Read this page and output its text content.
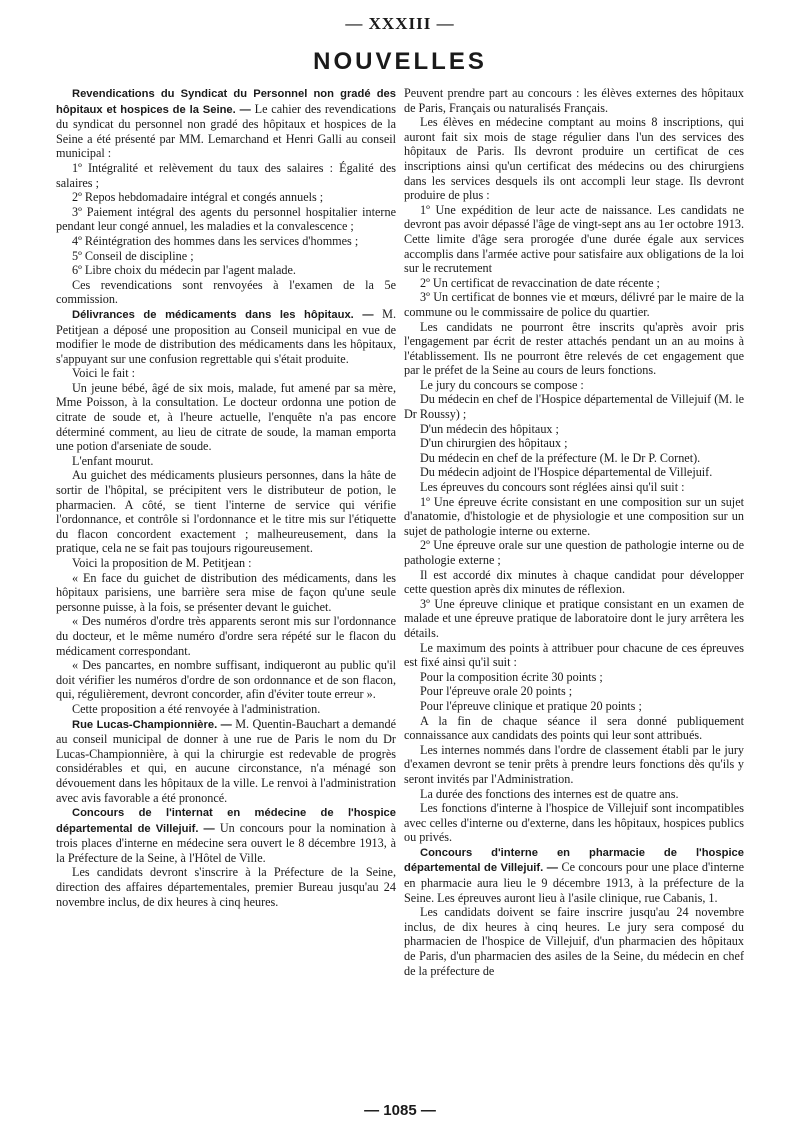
— XXXIII —
NOUVELLES

Revendications du Syndicat du Personnel non gradé des hôpitaux et hospices de la Seine. — Le cahier des revendications du syndicat du personnel non gradé des hôpitaux et hospices de la Seine a été présenté par MM. Lemarchand et Henri Galli au conseil municipal :

1º Intégralité et relèvement du taux des salaires : Égalité des salaires ;

2º Repos hebdomadaire intégral et congés annuels ;

3º Paiement intégral des agents du personnel hospitalier interne pendant leur congé annuel, les maladies et la convalescence ;

4º Réintégration des hommes dans les services d'hommes ;

5º Conseil de discipline ;

6º Libre choix du médecin par l'agent malade.

Ces revendications sont renvoyées à l'examen de la 5e commission.

Délivrances de médicaments dans les hôpitaux. — M. Petitjean a déposé une proposition au Conseil municipal en vue de modifier le mode de distribution des médicaments dans les hôpitaux, s'appuyant sur une confusion regrettable qui s'était produite.

Voici le fait :

Un jeune bébé, âgé de six mois, malade, fut amené par sa mère, Mme Poisson, à la consultation. Le docteur ordonna une potion de citrate de soude et, à l'heure actuelle, l'enquête n'a pas encore déterminé comment, au lieu de citrate de soude, la maman emporta une potion d'arseniate de soude.

L'enfant mourut.

Au guichet des médicaments plusieurs personnes, dans la hâte de sortir de l'hôpital, se précipitent vers le distributeur de potion, le pharmacien. A côté, se tient l'interne de service qui vérifie l'ordonnance, et contrôle si l'ordonnance et le titre mis sur l'étiquette du flacon concordent exactement ; malheureusement, dans la pratique, cela ne se fait pas toujours rigoureusement.

Voici la proposition de M. Petitjean :

« En face du guichet de distribution des médicaments, dans les hôpitaux parisiens, une barrière sera mise de façon qu'une seule personne puisse, à la fois, se présenter devant le guichet.

« Des numéros d'ordre très apparents seront mis sur l'ordonnance du docteur, et le même numéro d'ordre sera répété sur le flacon du médicament correspondant.

« Des pancartes, en nombre suffisant, indiqueront au public qu'il doit vérifier les numéros d'ordre de son ordonnance et de son flacon, qui, régulièrement, devront concorder, afin d'éviter toute erreur ».

Cette proposition a été renvoyée à l'administration.

Rue Lucas-Championnière. — M. Quentin-Bauchart a demandé au conseil municipal de donner à une rue de Paris le nom du Dr Lucas-Championnière, à qui la chirurgie est redevable de progrès considérables et qui, en aucune circonstance, n'a ménagé son dévouement dans les hôpitaux de la ville. Le renvoi à l'administration avec avis favorable a été prononcé.

Concours de l'internat en médecine de l'hospice départemental de Villejuif. — Un concours pour la nomination à trois places d'interne en médecine sera ouvert le 8 décembre 1913, à la Préfecture de la Seine, à l'Hôtel de Ville.

Les candidats devront s'inscrire à la Préfecture de la Seine, direction des affaires départementales, premier Bureau jusqu'au 24 novembre inclus, de dix heures à cinq heures.

Peuvent prendre part au concours : les élèves externes des hôpitaux de Paris, Français ou naturalisés Français.

Les élèves en médecine comptant au moins 8 inscriptions, qui auront fait six mois de stage régulier dans l'un des services des hôpitaux de Paris. Ils devront produire un certificat de ces inscriptions ainsi qu'un certificat des médecins ou des chirurgiens dans les services desquels ils ont accompli leur stage. Ils devront produire de plus :

1º Une expédition de leur acte de naissance. Les candidats ne devront pas avoir dépassé l'âge de vingt-sept ans au 1er octobre 1913. Cette limite d'âge sera prorogée d'une durée égale aux services accomplis dans l'armée active pour satisfaire aux obligations de la loi sur le recrutement

2º Un certificat de revaccination de date récente ;

3º Un certificat de bonnes vie et mœurs, délivré par le maire de la commune ou le commissaire de police du quartier.

Les candidats ne pourront être inscrits qu'après avoir pris l'engagement par écrit de rester attachés pendant un an au moins à l'établissement. Ils ne pourront être relevés de cet engagement que par le préfet de la Seine au cours de leurs fonctions.

Le jury du concours se compose :

Du médecin en chef de l'Hospice départemental de Villejuif (M. le Dr Roussy) ;

D'un médecin des hôpitaux ;

D'un chirurgien des hôpitaux ;

Du médecin en chef de la préfecture (M. le Dr P. Cornet).

Du médecin adjoint de l'Hospice départemental de Villejuif.

Les épreuves du concours sont réglées ainsi qu'il suit :

1º Une épreuve écrite consistant en une composition sur un sujet d'anatomie, d'histologie et de physiologie et une composition sur un sujet de pathologie interne ou externe.

2º Une épreuve orale sur une question de pathologie interne ou de pathologie externe ;

Il est accordé dix minutes à chaque candidat pour développer cette question après dix minutes de réflexion.

3º Une épreuve clinique et pratique consistant en un examen de malade et une épreuve pratique de laboratoire dont le jury arrêtera les détails.

Le maximum des points à attribuer pour chacune de ces épreuves est fixé ainsi qu'il suit :

Pour la composition écrite 30 points ;

Pour l'épreuve orale 20 points ;

Pour l'épreuve clinique et pratique 20 points ;

A la fin de chaque séance il sera donné publiquement connaissance aux candidats des points qui leur sont attribués.

Les internes nommés dans l'ordre de classement établi par le jury d'examen devront se tenir prêts à prendre leurs fonctions dès qu'ils y seront invités par l'Administration.

La durée des fonctions des internes est de quatre ans.

Les fonctions d'interne à l'hospice de Villejuif sont incompatibles avec celles d'interne ou d'externe, dans les hôpitaux, hospices publics ou privés.

Concours d'interne en pharmacie de l'hospice départemental de Villejuif. — Ce concours pour une place d'interne en pharmacie aura lieu le 9 décembre 1913, à la préfecture de la Seine. Les épreuves auront lieu à l'asile clinique, rue Cabanis, 1.

Les candidats doivent se faire inscrire jusqu'au 24 novembre inclus, de dix heures à cinq heures. Le jury sera composé du pharmacien de l'hospice de Villejuif, d'un pharmacien des hôpitaux de Paris, d'un pharmacien des asiles de la Seine, du médecin en chef de la préfecture de

— 1085 —
